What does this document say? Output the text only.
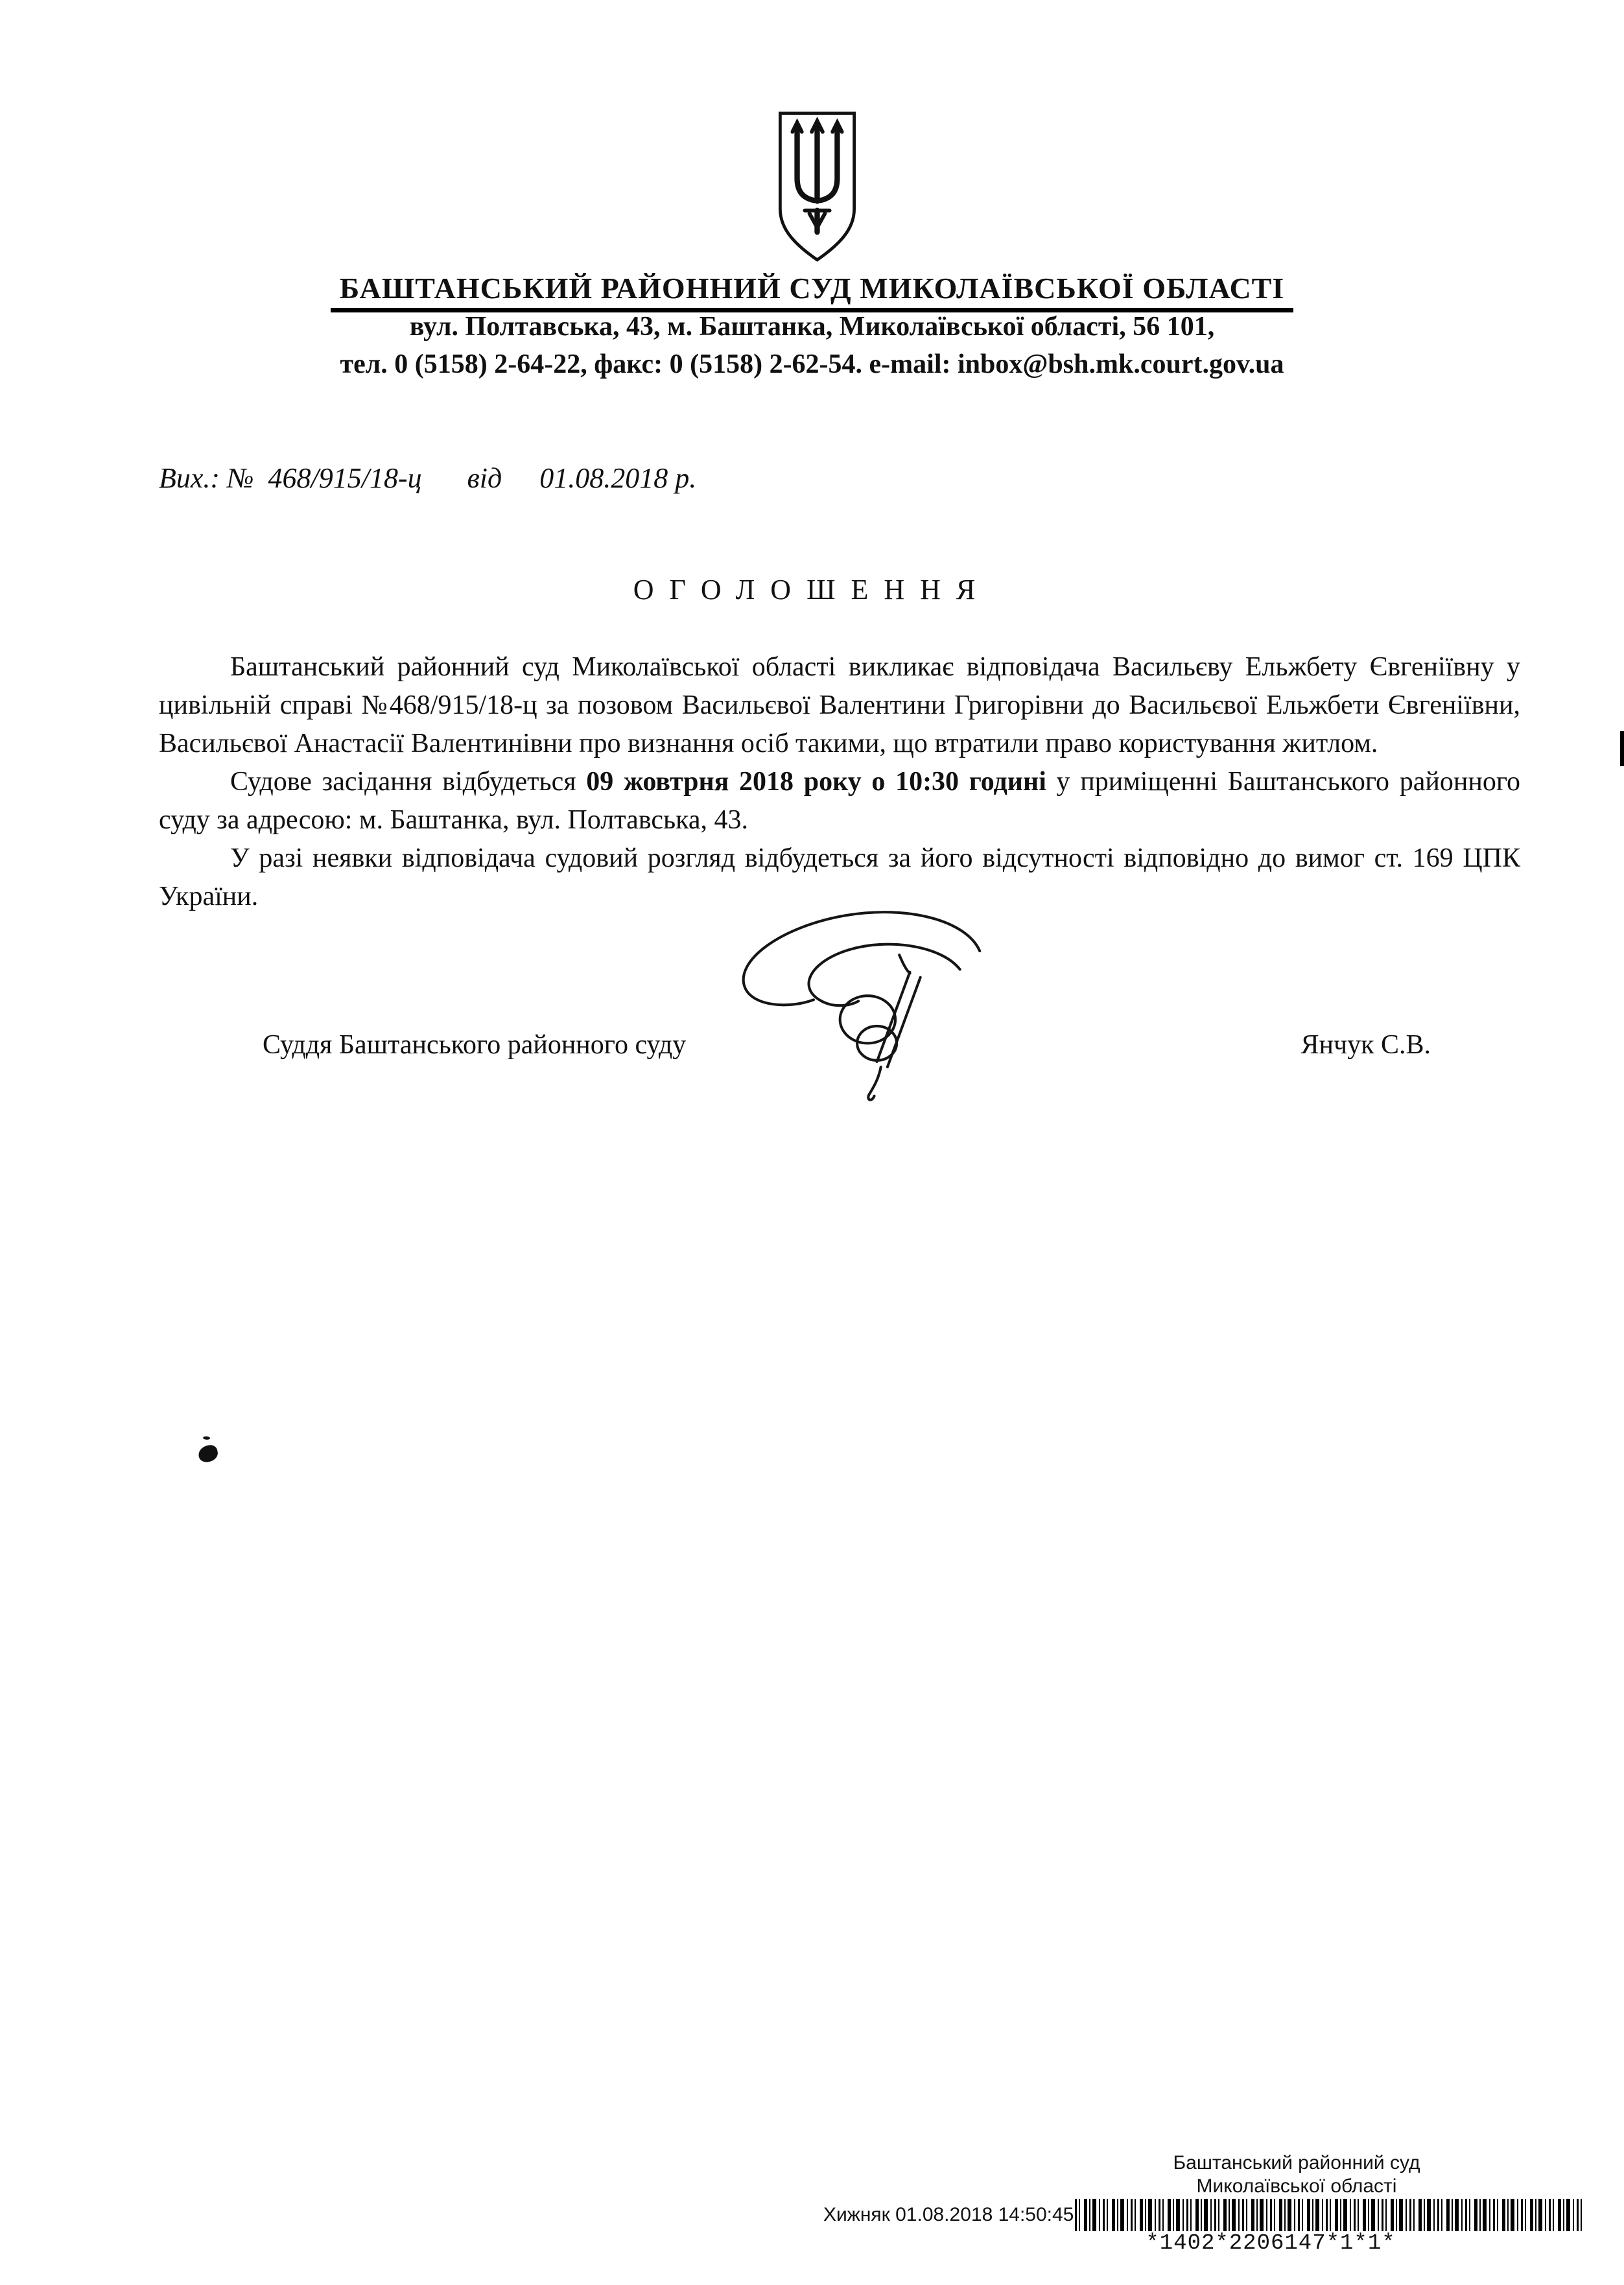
БАШТАНСЬКИЙ РАЙОННИЙ СУД МИКОЛАЇВСЬКОЇ ОБЛАСТІ
вул. Полтавська, 43, м. Баштанка, Миколаївської області, 56 101,
тел. 0 (5158) 2-64-22, факс: 0 (5158) 2-62-54. e-mail: inbox@bsh.mk.court.gov.ua
Вих.: № 468/915/18-ц від 01.08.2018 р.
ОГОЛОШЕННЯ

Баштанський районний суд Миколаївської області викликає відповідача Васильєву Ельжбету Євгеніївну у цивільній справі №468/915/18-ц за позовом Васильєвої Валентини Григорівни до Васильєвої Ельжбети Євгеніївни, Васильєвої Анастасії Валентинівни про визнання осіб такими, що втратили право користування житлом.

Судове засідання відбудеться 09 жовтрня 2018 року о 10:30 годині у приміщенні Баштанського районного суду за адресою: м. Баштанка, вул. Полтавська, 43.

У разі неявки відповідача судовий розгляд відбудеться за його відсутності відповідно до вимог ст. 169 ЦПК України.

Суддя Баштанського районного суду	Янчук С.В.
Баштанський районний суд
Миколаївської області
Хижняк 01.08.2018 14:50:45
*1402*2206147*1*1*
